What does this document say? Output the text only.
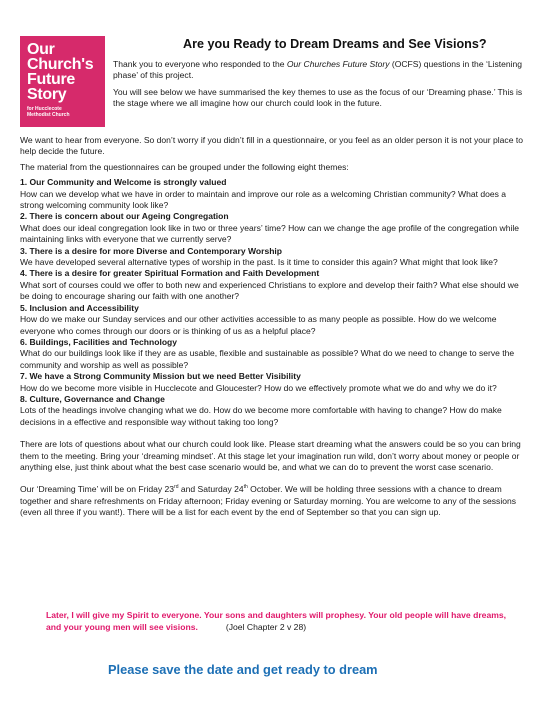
Our
Church's
Future
Story
for Hucclecote
Methodist Church
Are you Ready to Dream Dreams and See Visions?

Thank you to everyone who responded to the Our Churches Future Story (OCFS) questions in the ‘Listening phase’ of this project.

You will see below we have summarised the key themes to use as the focus of our ‘Dreaming phase.’ This is the stage where we all imagine how our church could look in the future.

We want to hear from everyone. So don’t worry if you didn’t fill in a questionnaire, or you feel as an older person it is not your place to help decide the future.

The material from the questionnaires can be grouped under the following eight themes:

1. Our Community and Welcome is strongly valued
How can we develop what we have in order to maintain and improve our role as a welcoming Christian community? What does a strong welcoming community look like?
2. There is concern about our Ageing Congregation
What does our ideal congregation look like in two or three years’ time? How can we change the age profile of the congregation while maintaining links with everyone that we currently serve?
3. There is a desire for more Diverse and Contemporary Worship
We have developed several alternative types of worship in the past. Is it time to consider this again? What might that look like?
4. There is a desire for greater Spiritual Formation and Faith Development
What sort of courses could we offer to both new and experienced Christians to explore and develop their faith? What else should we be doing to encourage sharing our faith with one another?
5. Inclusion and Accessibility
How do we make our Sunday services and our other activities accessible to as many people as possible. How do we welcome everyone who comes through our doors or is thinking of us as a helpful place?
6. Buildings, Facilities and Technology
What do our buildings look like if they are as usable, flexible and sustainable as possible? What do we need to change to serve the community and worship as well as possible?
7. We have a Strong Community Mission but we need Better Visibility
How do we become more visible in Hucclecote and Gloucester? How do we effectively promote what we do and why we do it?
8. Culture, Governance and Change
Lots of the headings involve changing what we do. How do we become more comfortable with having to change? How do make decisions in a effective and responsible way without taking too long?

There are lots of questions about what our church could look like. Please start dreaming what the answers could be so you can bring them to the meeting. Bring your ‘dreaming mindset’. At this stage let your imagination run wild, don’t worry about money or people or anything else, just think about what the best case scenario would be, and what we can do to prevent the worst case scenario.

Our ‘Dreaming Time’ will be on Friday 23rd and Saturday 24th October. We will be holding three sessions with a chance to dream together and share refreshments on Friday afternoon; Friday evening or Saturday morning. You are welcome to any of the sessions (even all three if you want!). There will be a list for each event by the end of September so that you can sign up.

Later, I will give my Spirit to everyone. Your sons and daughters will prophesy. Your old people will have dreams, and your young men will see visions.	(Joel Chapter 2 v 28)
Please save the date and get ready to dream
